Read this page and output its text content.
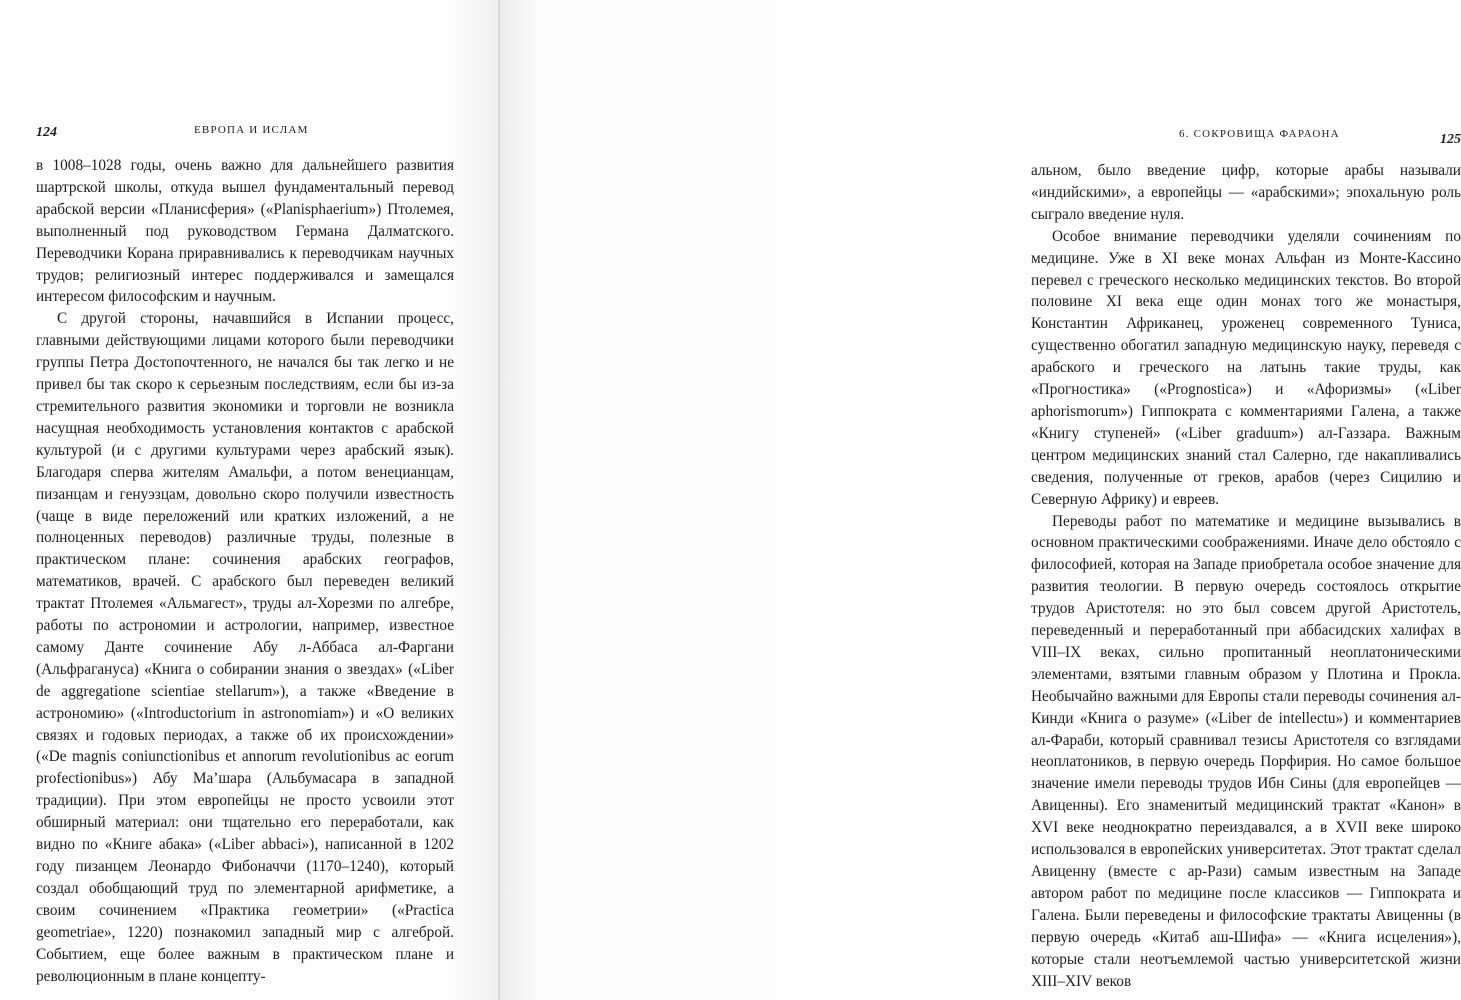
124	ЕВРОПА И ИСЛАМ

в 1008–1028 годы, очень важно для дальнейшего развития шартрской школы, откуда вышел фундаментальный перевод арабской версии «Планисферия» («Planisphaerium») Птолемея, выполненный под руководством Германа Далматского. Переводчики Корана приравнивались к переводчикам научных трудов; религиозный интерес поддерживался и замещался интересом философским и научным.

С другой стороны, начавшийся в Испании процесс, главными действующими лицами которого были переводчики группы Петра Достопочтенного, не начался бы так легко и не привел бы так скоро к серьезным последствиям, если бы из-за стремительного развития экономики и торговли не возникла насущная необходимость установления контактов с арабской культурой (и с другими культурами через арабский язык). Благодаря сперва жителям Амальфи, а потом венецианцам, пизанцам и генуэзцам, довольно скоро получили известность (чаще в виде переложений или кратких изложений, а не полноценных переводов) различные труды, полезные в практическом плане: сочинения арабских географов, математиков, врачей. С арабского был переведен великий трактат Птолемея «Альмагест», труды ал-Хорезми по алгебре, работы по астрономии и астрологии, например, известное самому Данте сочинение Абу л-Аббаса ал-Фаргани (Альфрагануса) «Книга о собирании знания о звездах» («Liber de aggregatione scientiae stellarum»), а также «Введение в астрономию» («Introductorium in astronomiam») и «О великих связях и годовых периодах, а также об их происхождении» («De magnis coniunctionibus et annorum revolutionibus ac eorum profectionibus») Абу Ма’шара (Альбумасара в западной традиции). При этом европейцы не просто усвоили этот обширный материал: они тщательно его переработали, как видно по «Книге абака» («Liber abbaci»), написанной в 1202 году пизанцем Леонардо Фибоначчи (1170–1240), который создал обобщающий труд по элементарной арифметике, а своим сочинением «Практика геометрии» («Practica geometriae», 1220) познакомил западный мир с алгеброй. Событием, еще более важным в практическом плане и революционным в плане концепту-

6. СОКРОВИЩА ФАРАОНА	125

альном, было введение цифр, которые арабы называли «индийскими», а европейцы — «арабскими»; эпохальную роль сыграло введение нуля.

Особое внимание переводчики уделяли сочинениям по медицине. Уже в XI веке монах Альфан из Монте-Кассино перевел с греческого несколько медицинских текстов. Во второй половине XI века еще один монах того же монастыря, Константин Африканец, уроженец современного Туниса, существенно обогатил западную медицинскую науку, переведя с арабского и греческого на латынь такие труды, как «Прогностика» («Prognostica») и «Афоризмы» («Liber aphorismorum») Гиппократа с комментариями Галена, а также «Книгу ступеней» («Liber graduum») ал-Газзара. Важным центром медицинских знаний стал Салерно, где накапливались сведения, полученные от греков, арабов (через Сицилию и Северную Африку) и евреев.

Переводы работ по математике и медицине вызывались в основном практическими соображениями. Иначе дело обстояло с философией, которая на Западе приобретала особое значение для развития теологии. В первую очередь состоялось открытие трудов Аристотеля: но это был совсем другой Аристотель, переведенный и переработанный при аббасидских халифах в VIII–IX веках, сильно пропитанный неоплатоническими элементами, взятыми главным образом у Плотина и Прокла. Необычайно важными для Европы стали переводы сочинения ал-Кинди «Книга о разуме» («Liber de intellectu») и комментариев ал-Фараби, который сравнивал тезисы Аристотеля со взглядами неоплатоников, в первую очередь Порфирия. Но самое большое значение имели переводы трудов Ибн Сины (для европейцев — Авиценны). Его знаменитый медицинский трактат «Канон» в XVI веке неоднократно переиздавался, а в XVII веке широко использовался в европейских университетах. Этот трактат сделал Авиценну (вместе с ар-Рази) самым известным на Западе автором работ по медицине после классиков — Гиппократа и Галена. Были переведены и философские трактаты Авиценны (в первую очередь «Китаб аш-Шифа» — «Книга исцеления»), которые стали неотъемлемой частью университетской жизни XIII–XIV веков
